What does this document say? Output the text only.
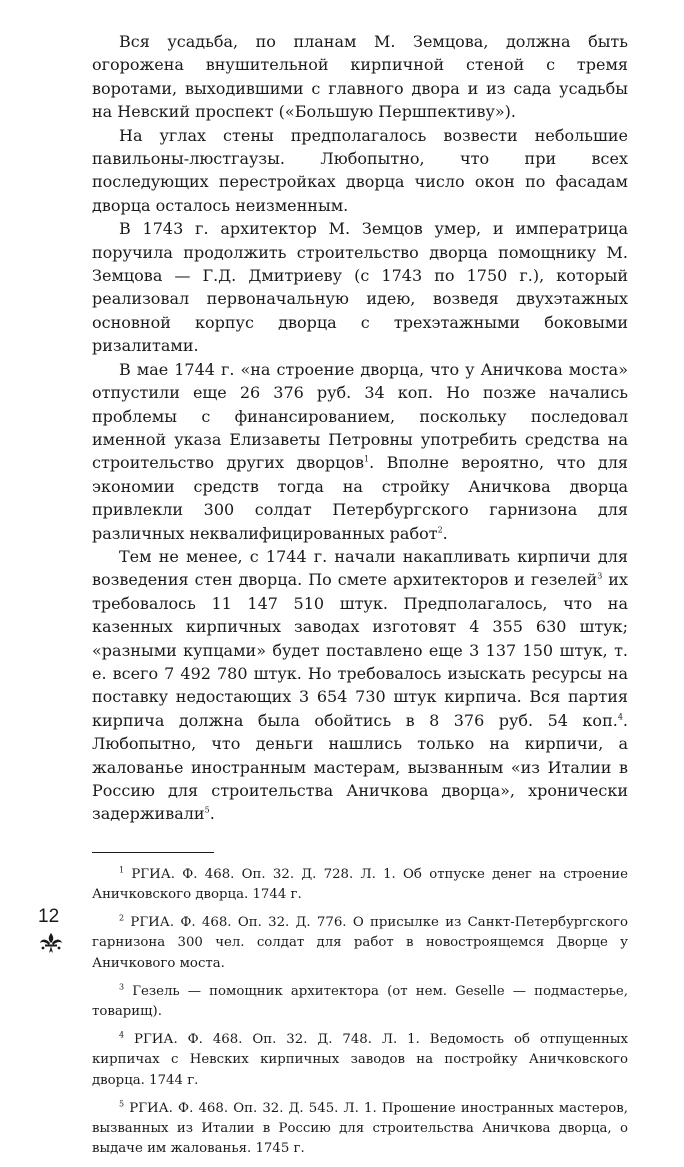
Вся усадьба, по планам М. Земцова, должна быть огорожена внушительной кирпичной стеной с тремя воротами, выходившими с главного двора и из сада усадьбы на Невский проспект («Большую Першпективу»).

На углах стены предполагалось возвести небольшие павильоны-люстгаузы. Любопытно, что при всех последующих перестройках дворца число окон по фасадам дворца осталось неизменным.

В 1743 г. архитектор М. Земцов умер, и императрица поручила продолжить строительство дворца помощнику М. Земцова — Г.Д. Дмитриеву (с 1743 по 1750 г.), который реализовал первоначальную идею, возведя двухэтажных основной корпус дворца с трехэтажными боковыми ризалитами.

В мае 1744 г. «на строение дворца, что у Аничкова моста» отпустили еще 26 376 руб. 34 коп. Но позже начались проблемы с финансированием, поскольку последовал именной указа Елизаветы Петровны употребить средства на строительство других дворцов$^1$. Вполне вероятно, что для экономии средств тогда на стройку Аничкова дворца привлекли 300 солдат Петербургского гарнизона для различных неквалифицированных работ$^2$.

Тем не менее, с 1744 г. начали накапливать кирпичи для возведения стен дворца. По смете архитекторов и гезелей$^3$ их требовалось 11 147 510 штук. Предполагалось, что на казенных кирпичных заводах изготовят 4 355 630 штук; «разными купцами» будет поставлено еще 3 137 150 штук, т. е. всего 7 492 780 штук. Но требовалось изыскать ресурсы на поставку недостающих 3 654 730 штук кирпича. Вся партия кирпича должна была обойтись в 8 376 руб. 54 коп.$^4$. Любопытно, что деньги нашлись только на кирпичи, а жалованье иностранным мастерам, вызванным «из Италии в Россию для строительства Аничкова дворца», хронически задерживали$^5$.

$^1$ РГИА. Ф. 468. Оп. 32. Д. 728. Л. 1. Об отпуске денег на строение Аничковского дворца. 1744 г.

$^2$ РГИА. Ф. 468. Оп. 32. Д. 776. О присылке из Санкт-Петербургского гарнизона 300 чел. солдат для работ в новостроящемся Дворце у Аничкового моста.

$^3$ Гезель — помощник архитектора (от нем. Geselle — подмастерье, товарищ).

$^4$ РГИА. Ф. 468. Оп. 32. Д. 748. Л. 1. Ведомость об отпущенных кирпичах с Невских кирпичных заводов на постройку Аничковского дворца. 1744 г.

$^5$ РГИА. Ф. 468. Оп. 32. Д. 545. Л. 1. Прошение иностранных мастеров, вызванных из Италии в Россию для строительства Аничкова дворца, о выдаче им жалованья. 1745 г.

12
